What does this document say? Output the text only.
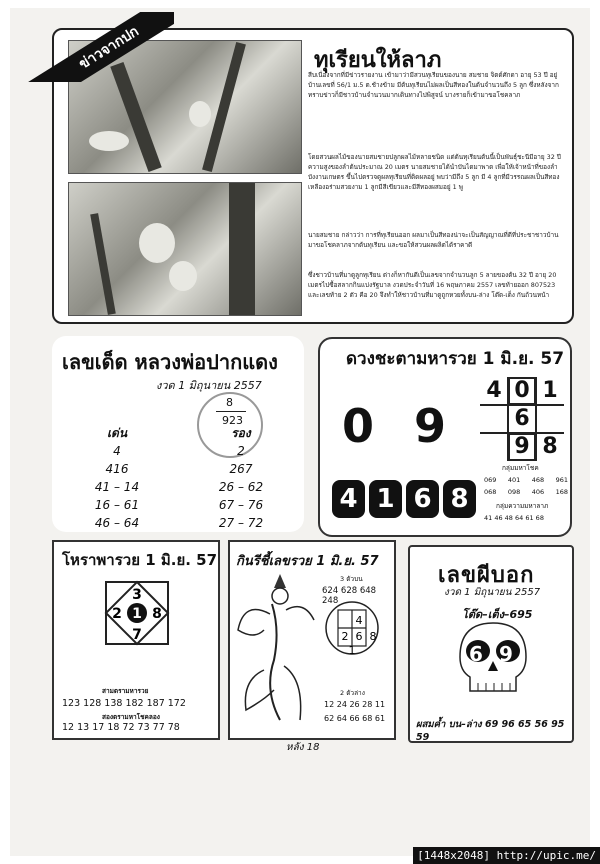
ข่าวจากปก	ทุเรียนให้ลาภ
สืบเนื่องจากที่มีข่าวรายงาน เข้ามาว่ามีสวนทุเรียนของนาย สมชาย จิตต์ศักดา อายุ 53 ปี อยู่ บ้านเลขที่ 56/1 ม.5 ต.ช้างข้าม มีต้นทุเรียนไม่ผลเป็นสีทองในต้นจำนวนถึง 5 ลูก ซึ่งหลังจากทราบข่าวก็มีชาวบ้านจำนวนมากเดินทางไปพิสูจน์ บางรายก็เข้ามาขอโชคลาภ
โดยสวนผลไม้ของนายสมชายปลูกผลไม้หลายชนิด แต่ต้นทุเรียนต้นนี้เป็นพันธุ์ชะนีมีอายุ 32 ปี ความสูงของลำต้นประมาณ 20 เมตร นายสมชายได้นำบันไดมาพาด เพื่อให้เจ้าหน้าที่ของลำบังงานเกษตร ขึ้นไปตรวจดูผลทุเรียนที่ติดผลอยู่ พบว่ามีถึง 5 ลูก มี 4 ลูกที่มีวรรณผลเป็นสีทองเหลืองอร่ามสวยงาม 1 ลูกมีสีเขียวและมีสีทองผสมอยู่ 1 พู
นายสมชาย กล่าวว่า การที่ทุเรียนออก ผลมาเป็นสีทองน่าจะเป็นสัญญาณที่ดีที่ประชาชาวบ้านมาขอโชคลาภจากต้นทุเรียน และขอให้สวนผลผลิตได้ราคาดี
ซึ่งชาวบ้านที่มาดูลูกทุเรียน ต่างก็หากันดีเป็นเลขจากจำนวนลูก 5 ลายของต้น 32 ปี อายุ 20 เมตรไปซื้อสลากกินแบ่งรัฐบาล งวดประจำวันที่ 16 พฤษภาคม 2557 เลขท้ายออก 807523 และเลขท้าย 2 ตัว คือ 20 จึงทำให้ชาวบ้านที่มาดูถูกหวยทั้งบน-ล่าง โต๊ด-เต็ง กันถ้วนหน้า
เลขเด็ด หลวงพ่อปากแดง
งวด 1 มิถุนายน 2557
8
923
เด่น
4
416
41 – 14
16 – 61
46 – 64
รอง
2
267
26 – 62
67 – 76
27 – 72
ดวงชะตามหารวย 1 มิ.ย. 57
0 9
4 0 1
6
9 8
4 1 6 8
กลุ่มมหาโชค
069 401 468 961
068 098 406 168
กลุ่มความมหาลาภ
41 46 48 64 61 68
โหราพารวย 1 มิ.ย. 57
3
2 1 8
7
สามตรามหารวย
123 128 138 182 187 172
สองตรามหาโชคลอง
12 13 17 18 72 73 77 78
กินรีชี้เลขรวย 1 มิ.ย. 57
3 ตัวบน
624 628 648 248
4
2 6 8
1
2 ตัวล่าง
12 24 26 28 11
62 64 66 68 61
เลขผีบอก
งวด 1 มิถุนายน 2557
โต๊ด–เต็ง–695
6 9
ผสมค้ำ บน–ล่าง 69 96 65 56 95 59
หลัง 18
[1448x2048] http://upic.me/
